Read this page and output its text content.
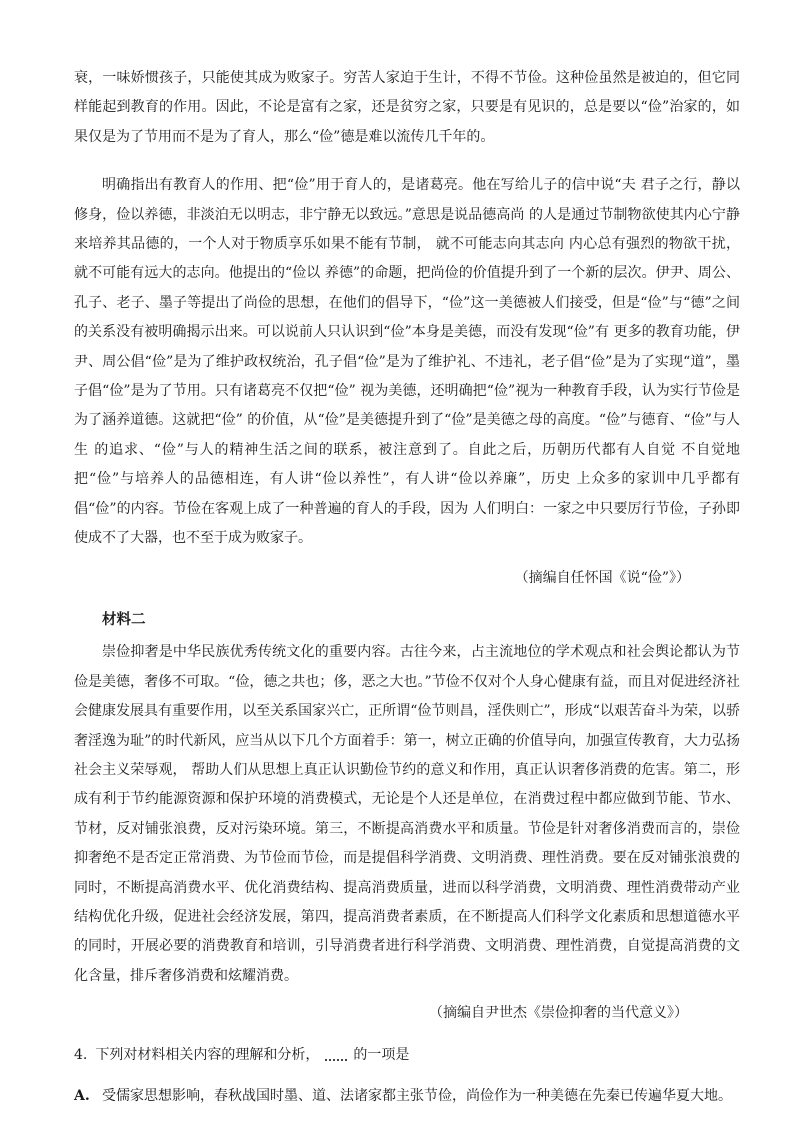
衰，一味娇惯孩子，只能使其成为败家子。穷苦人家迫于生计，不得不节俭。这种俭虽然是被迫的，但它同样能起到教育的作用。因此，不论是富有之家，还是贫穷之家，只要是有见识的，总是要以“俭”治家的，如果仅是为了节用而不是为了育人，那么“俭”德是难以流传几千年的。

明确指出有教育人的作用、把“俭”用于育人的，是诸葛亮。他在写给儿子的信中说“夫 君子之行，静以修身，俭以养德，非淡泊无以明志，非宁静无以致远。”意思是说品德高尚 的人是通过节制物欲使其内心宁静来培养其品德的，一个人对于物质享乐如果不能有节制， 就不可能志向其志向 内心总有强烈的物欲干扰，就不可能有远大的志向。他提出的“俭以 养德”的命题，把尚俭的价值提升到了一个新的层次。伊尹、周公、孔子、老子、墨子等提出了尚俭的思想，在他们的倡导下，“俭”这一美德被人们接受，但是“俭”与“德”之间 的关系没有被明确揭示出来。可以说前人只认识到“俭”本身是美德，而没有发现“俭”有 更多的教育功能，伊尹、周公倡“俭”是为了维护政权统治，孔子倡“俭”是为了维护礼、不违礼，老子倡“俭”是为了实现“道”，墨子倡“俭”是为了节用。只有诸葛亮不仅把“俭” 视为美德，还明确把“俭”视为一种教育手段，认为实行节俭是为了涵养道德。这就把“俭” 的价值，从“俭”是美德提升到了“俭”是美德之母的高度。“俭”与德育、“俭”与人生 的追求、“俭”与人的精神生活之间的联系，被注意到了。自此之后，历朝历代都有人自觉 不自觉地把“俭”与培养人的品德相连，有人讲“俭以养性”，有人讲“俭以养廉”，历史 上众多的家训中几乎都有倡“俭”的内容。节俭在客观上成了一种普遍的育人的手段，因为 人们明白：一家之中只要厉行节俭，子孙即使成不了大器，也不至于成为败家子。

（摘编自任怀国《说“俭”》）
材料二

崇俭抑奢是中华民族优秀传统文化的重要内容。古往今来，占主流地位的学术观点和社会舆论都认为节俭是美德，奢侈不可取。“俭，德之共也；侈，恶之大也。”节俭不仅对个人身心健康有益，而且对促进经济社会健康发展具有重要作用，以至关系国家兴亡，正所谓“俭节则昌，淫佚则亡”，形成“以艰苦奋斗为荣，以骄奢淫逸为耻”的时代新风，应当从以下几个方面着手：第一，树立正确的价值导向，加强宣传教育，大力弘扬社会主义荣辱观， 帮助人们从思想上真正认识勤俭节约的意义和作用，真正认识奢侈消费的危害。第二，形成有利于节约能源资源和保护环境的消费模式，无论是个人还是单位，在消费过程中都应做到节能、节水、节材，反对铺张浪费，反对污染环境。第三，不断提高消费水平和质量。节俭是针对奢侈消费而言的，崇俭抑奢绝不是否定正常消费、为节俭而节俭，而是提倡科学消费、文明消费、理性消费。要在反对铺张浪费的同时，不断提高消费水平、优化消费结构、提高消费质量，进而以科学消费，文明消费、理性消费带动产业结构优化升级，促进社会经济发展，第四，提高消费者素质，在不断提高人们科学文化素质和思想道德水平的同时，开展必要的消费教育和培训，引导消费者进行科学消费、文明消费、理性消费，自觉提高消费的文化含量，排斥奢侈消费和炫耀消费。

（摘编自尹世杰《崇俭抑奢的当代意义》）
4. 下列对材料相关内容的理解和分析， 的一项是
A. 受儒家思想影响，春秋战国时墨、道、法诸家都主张节俭，尚俭作为一种美德在先秦已传遍华夏大地。
